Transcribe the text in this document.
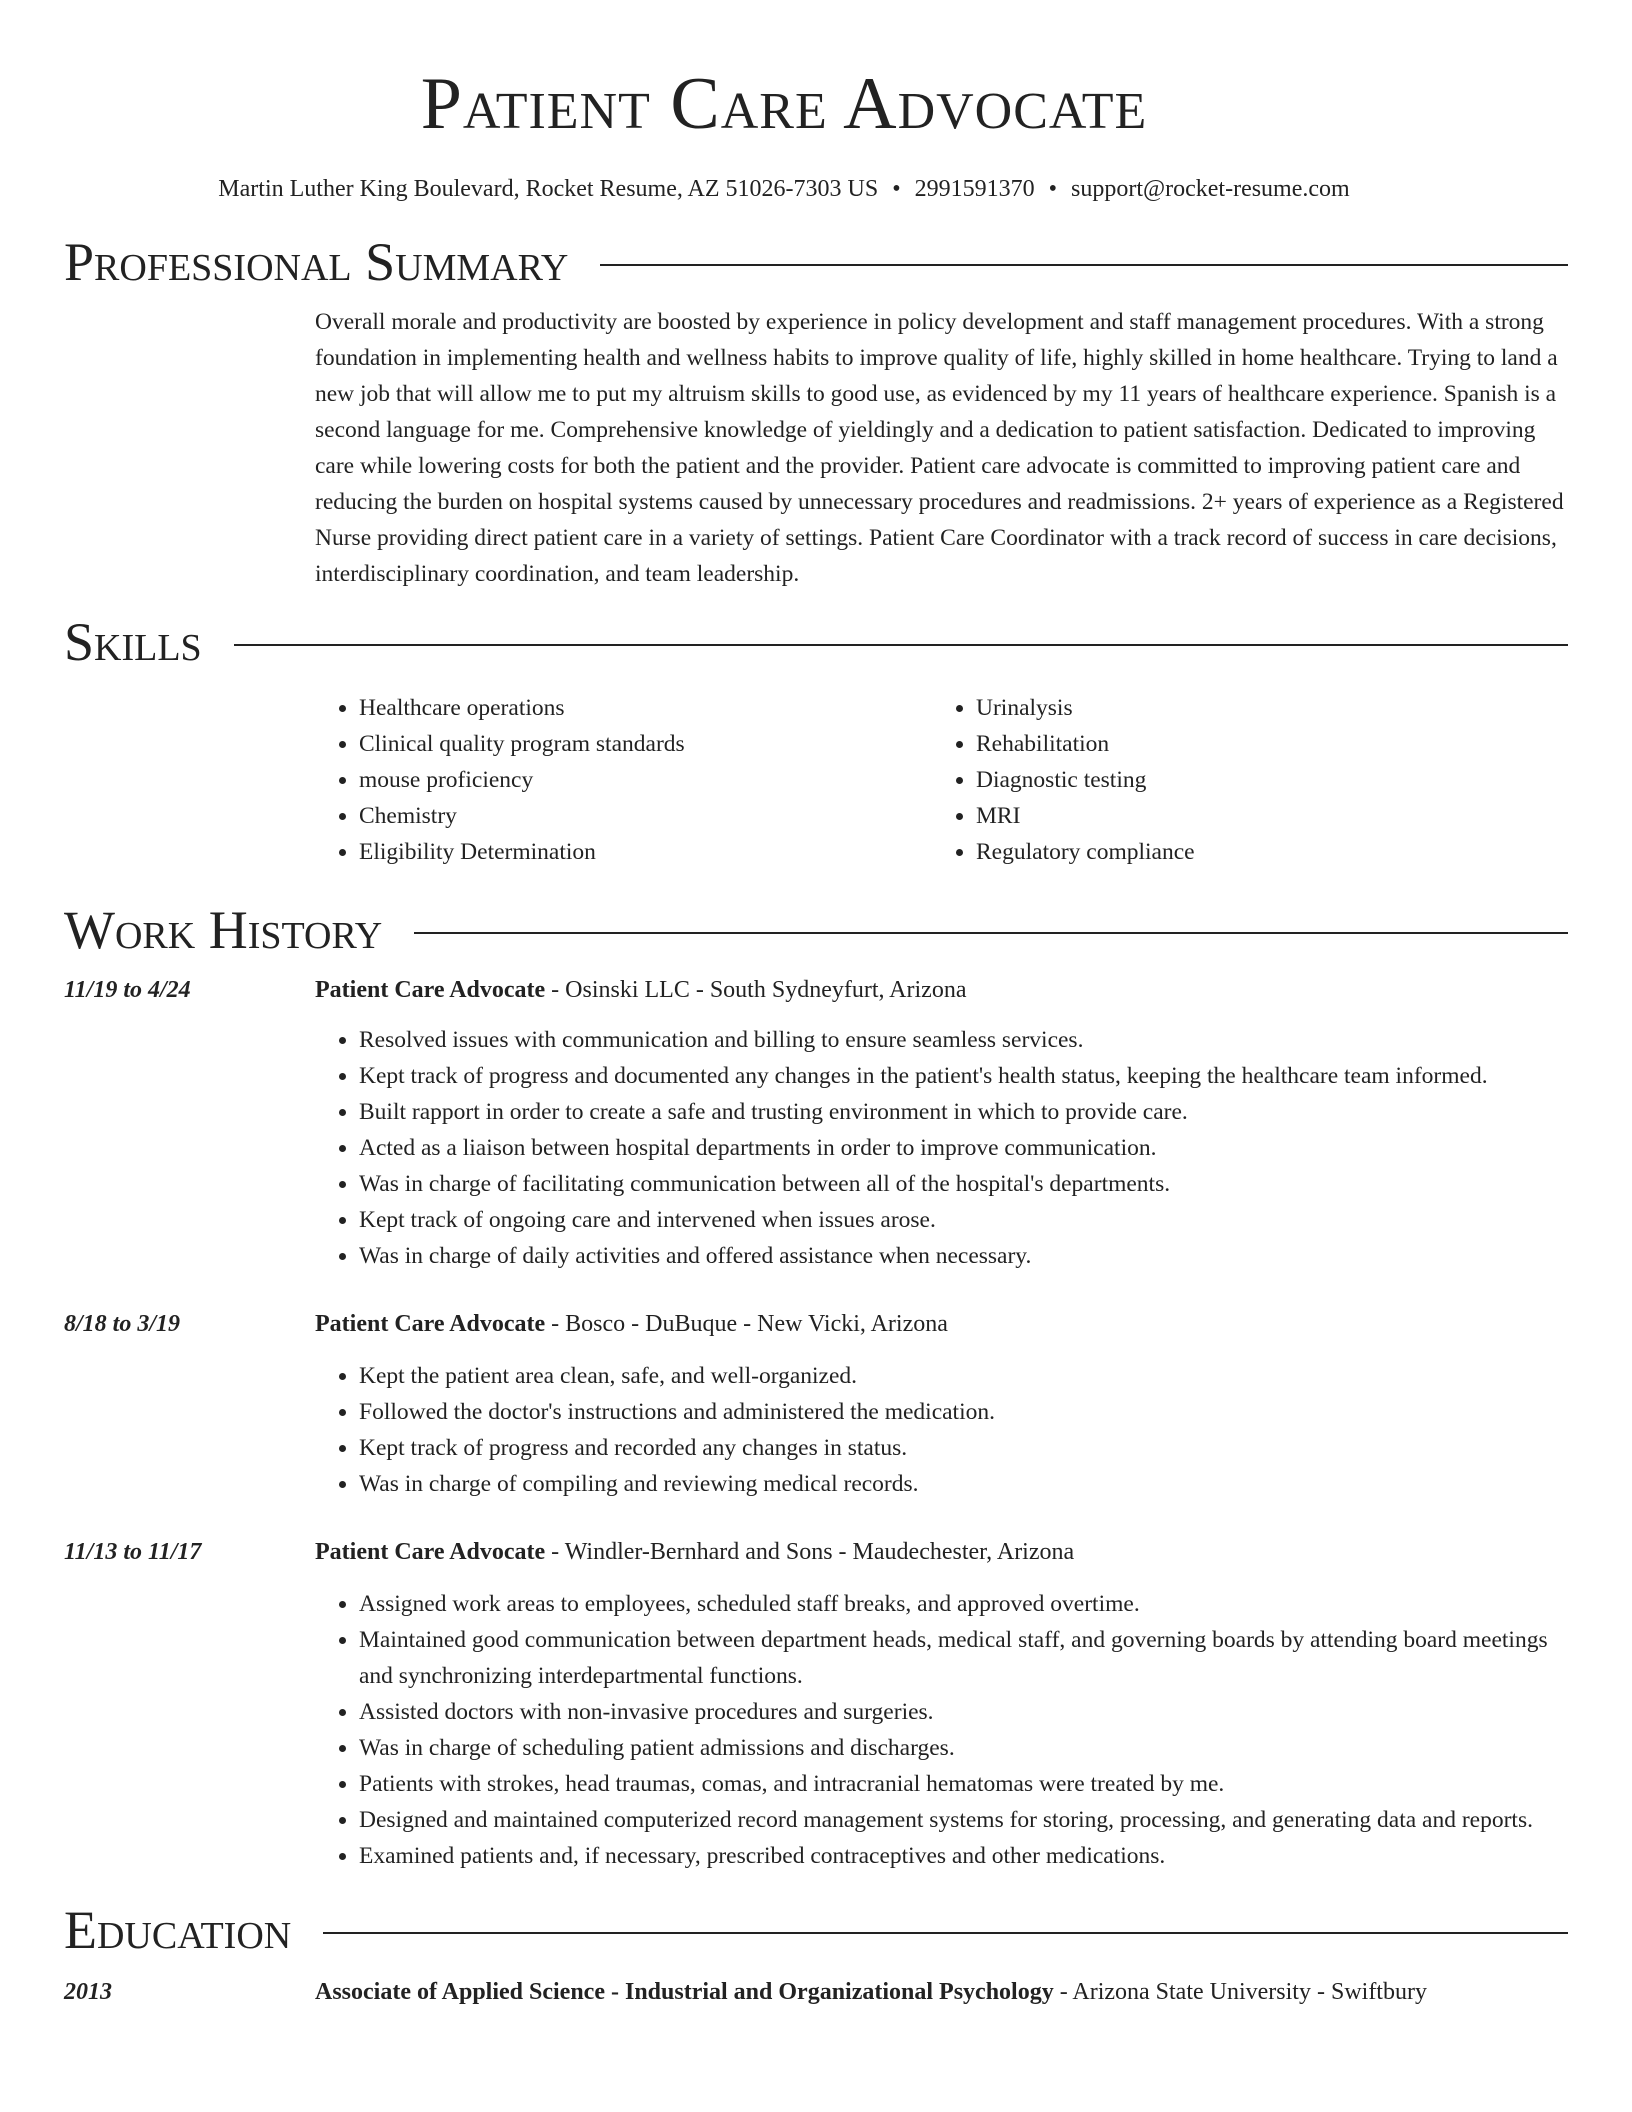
Patient Care Advocate
Martin Luther King Boulevard, Rocket Resume, AZ 51026-7303 US • 2991591370 • support@rocket-resume.com
Professional Summary

Overall morale and productivity are boosted by experience in policy development and staff management procedures. With a strong foundation in implementing health and wellness habits to improve quality of life, highly skilled in home healthcare. Trying to land a new job that will allow me to put my altruism skills to good use, as evidenced by my 11 years of healthcare experience. Spanish is a second language for me. Comprehensive knowledge of yieldingly and a dedication to patient satisfaction. Dedicated to improving care while lowering costs for both the patient and the provider. Patient care advocate is committed to improving patient care and reducing the burden on hospital systems caused by unnecessary procedures and readmissions. 2+ years of experience as a Registered Nurse providing direct patient care in a variety of settings. Patient Care Coordinator with a track record of success in care decisions, interdisciplinary coordination, and team leadership.

Skills
• Healthcare operations
• Clinical quality program standards
• mouse proficiency
• Chemistry
• Eligibility Determination
• Urinalysis
• Rehabilitation
• Diagnostic testing
• MRI
• Regulatory compliance
Work History
11/19 to 4/24	Patient Care Advocate - Osinski LLC - South Sydneyfurt, Arizona
• Resolved issues with communication and billing to ensure seamless services.
• Kept track of progress and documented any changes in the patient's health status, keeping the healthcare team informed.
• Built rapport in order to create a safe and trusting environment in which to provide care.
• Acted as a liaison between hospital departments in order to improve communication.
• Was in charge of facilitating communication between all of the hospital's departments.
• Kept track of ongoing care and intervened when issues arose.
• Was in charge of daily activities and offered assistance when necessary.
8/18 to 3/19	Patient Care Advocate - Bosco - DuBuque - New Vicki, Arizona
• Kept the patient area clean, safe, and well-organized.
• Followed the doctor's instructions and administered the medication.
• Kept track of progress and recorded any changes in status.
• Was in charge of compiling and reviewing medical records.
11/13 to 11/17	Patient Care Advocate - Windler-Bernhard and Sons - Maudechester, Arizona
• Assigned work areas to employees, scheduled staff breaks, and approved overtime.
• Maintained good communication between department heads, medical staff, and governing boards by attending board meetings and synchronizing interdepartmental functions.
• Assisted doctors with non-invasive procedures and surgeries.
• Was in charge of scheduling patient admissions and discharges.
• Patients with strokes, head traumas, comas, and intracranial hematomas were treated by me.
• Designed and maintained computerized record management systems for storing, processing, and generating data and reports.
• Examined patients and, if necessary, prescribed contraceptives and other medications.
Education
2013	Associate of Applied Science - Industrial and Organizational Psychology - Arizona State University - Swiftbury
